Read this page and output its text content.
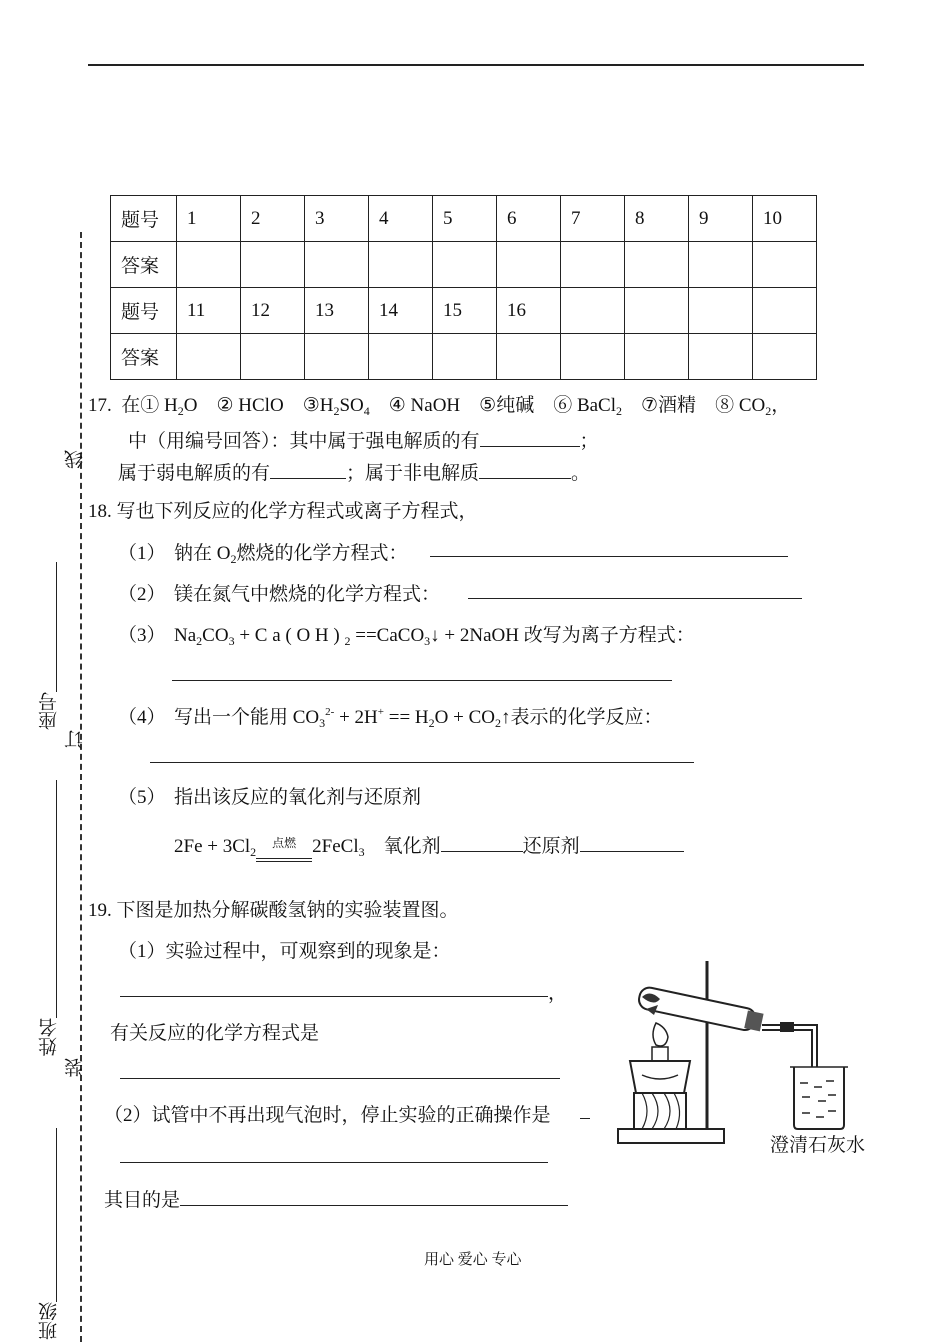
线
订
装
座号
姓名
班级
题号	1	2	3	4	5	6	7	8	9	10
答案										
题号	11	12	13	14	15	16				
答案										
17. 在① $H_2O$ ② HClO $③H_2SO_4$ ④ NaOH ⑤纯碱 ⑥ BaCl$_2$ ⑦酒精 ⑧ $CO_2$，
中（用编号回答）：其中属于强电解质的有	；
属于弱电解质的有	；属于非电解质	。
18. 写也下列反应的化学方程式或离子方程式，
（1） 钠在 $O_2$燃烧的化学方程式：
（2） 镁在氮气中燃烧的化学方程式：
（3） $Na_2CO_3 + C$ a ( O H ) $_2$ ==CaCO$_3$↓ + 2NaOH 改写为离子方程式：
（4） 写出一个能用 $CO_3^{2-} + 2H^+ == H_2O$ + $CO_2↑$表示的化学反应：
（5） 指出该反应的氧化剂与还原剂
$2Fe + 3Cl_2$点燃 2FeCl$_3$ 氧化剂	还原剂
19. 下图是加热分解碳酸氢钠的实验装置图。
（1）实验过程中，可观察到的现象是：
，
有关反应的化学方程式是
（2）试管中不再出现气泡时，停止实验的正确操作是
其目的是
澄清石灰水
用心 爱心 专心
